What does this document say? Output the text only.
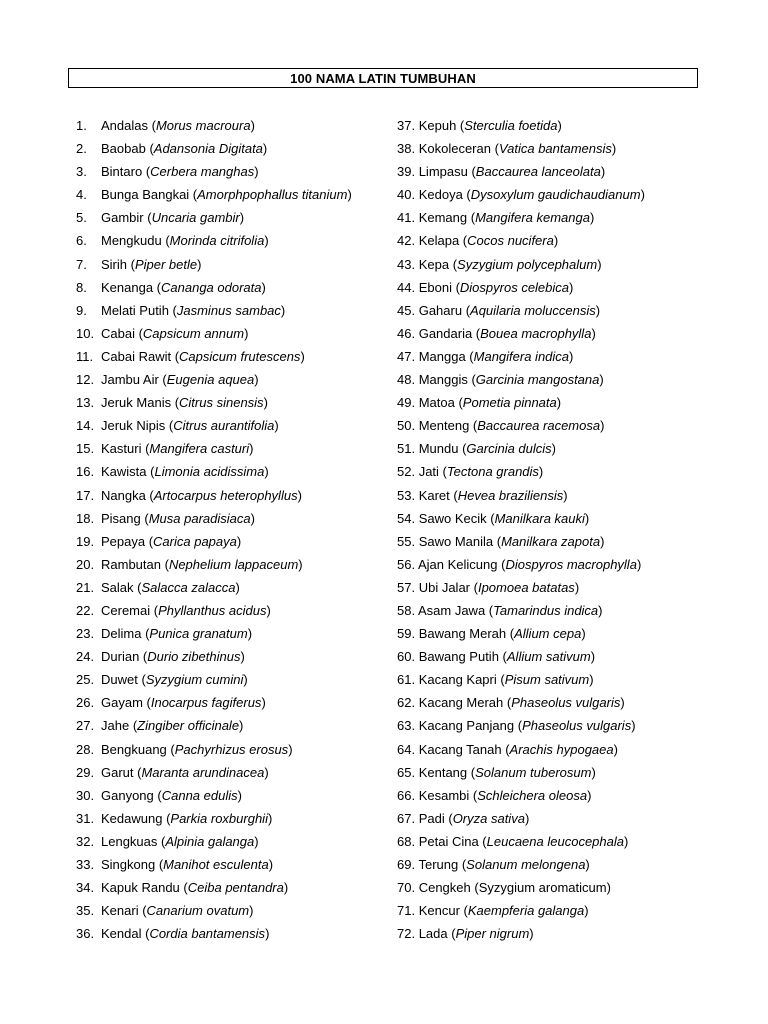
100 NAMA LATIN TUMBUHAN
1. Andalas (Morus macroura)
2. Baobab (Adansonia Digitata)
3. Bintaro (Cerbera manghas)
4. Bunga Bangkai (Amorphpophallus titanium)
5. Gambir (Uncaria gambir)
6. Mengkudu (Morinda citrifolia)
7. Sirih (Piper betle)
8. Kenanga (Cananga odorata)
9. Melati Putih (Jasminus sambac)
10. Cabai (Capsicum annum)
11. Cabai Rawit (Capsicum frutescens)
12. Jambu Air (Eugenia aquea)
13. Jeruk Manis (Citrus sinensis)
14. Jeruk Nipis (Citrus aurantifolia)
15. Kasturi (Mangifera casturi)
16. Kawista (Limonia acidissima)
17. Nangka (Artocarpus heterophyllus)
18. Pisang (Musa paradisiaca)
19. Pepaya (Carica papaya)
20. Rambutan (Nephelium lappaceum)
21. Salak (Salacca zalacca)
22. Ceremai (Phyllanthus acidus)
23. Delima (Punica granatum)
24. Durian (Durio zibethinus)
25. Duwet (Syzygium cumini)
26. Gayam (Inocarpus fagiferus)
27. Jahe (Zingiber officinale)
28. Bengkuang (Pachyrhizus erosus)
29. Garut (Maranta arundinacea)
30. Ganyong (Canna edulis)
31. Kedawung (Parkia roxburghii)
32. Lengkuas (Alpinia galanga)
33. Singkong (Manihot esculenta)
34. Kapuk Randu (Ceiba pentandra)
35. Kenari (Canarium ovatum)
36. Kendal (Cordia bantamensis)
37. Kepuh (Sterculia foetida)
38. Kokoleceran (Vatica bantamensis)
39. Limpasu (Baccaurea lanceolata)
40. Kedoya (Dysoxylum gaudichaudianum)
41. Kemang (Mangifera kemanga)
42. Kelapa (Cocos nucifera)
43. Kepa (Syzygium polycephalum)
44. Eboni (Diospyros celebica)
45. Gaharu (Aquilaria moluccensis)
46. Gandaria (Bouea macrophylla)
47. Mangga (Mangifera indica)
48. Manggis (Garcinia mangostana)
49. Matoa (Pometia pinnata)
50. Menteng (Baccaurea racemosa)
51. Mundu (Garcinia dulcis)
52. Jati (Tectona grandis)
53. Karet (Hevea braziliensis)
54. Sawo Kecik (Manilkara kauki)
55. Sawo Manila (Manilkara zapota)
56. Ajan Kelicung (Diospyros macrophylla)
57. Ubi Jalar (Ipomoea batatas)
58. Asam Jawa (Tamarindus indica)
59. Bawang Merah (Allium cepa)
60. Bawang Putih (Allium sativum)
61. Kacang Kapri (Pisum sativum)
62. Kacang Merah (Phaseolus vulgaris)
63. Kacang Panjang (Phaseolus vulgaris)
64. Kacang Tanah (Arachis hypogaea)
65. Kentang (Solanum tuberosum)
66. Kesambi (Schleichera oleosa)
67. Padi (Oryza sativa)
68. Petai Cina (Leucaena leucocephala)
69. Terung (Solanum melongena)
70. Cengkeh (Syzygium aromaticum)
71. Kencur (Kaempferia galanga)
72. Lada (Piper nigrum)
